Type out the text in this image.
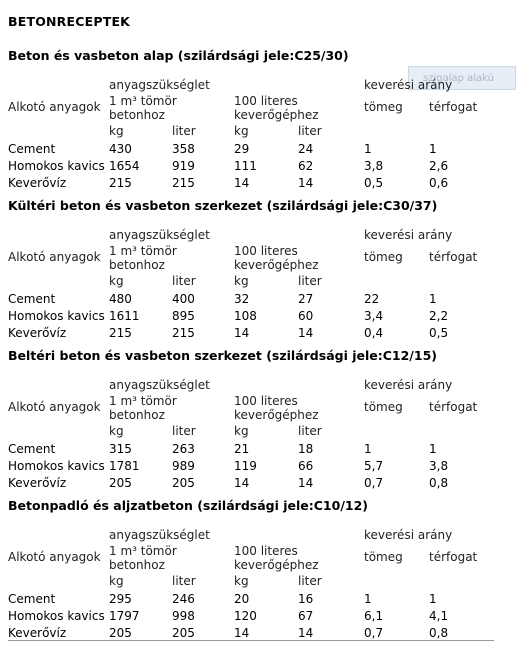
BETONRECEPTEK
szigalap alakú
Beton és vasbeton alap (szilárdsági jele:C25/30)
anyagszükséglet	keverési arány
1 m³ tömör
betonhoz
100 literes
keverőgéphez
Alkotó anyagok	tömeg térfogat
kg	liter	kg	liter
Cement	430	358	29	24	1	1
Homokos kavics 1654	919	111	62	3,8	2,6
Keverővíz	215	215	14	14	0,5	0,6
Kültéri beton és vasbeton szerkezet (szilárdsági jele:C30/37)
anyagszükséglet	keverési arány
1 m³ tömör
betonhoz
100 literes
keverőgéphez
Alkotó anyagok	tömeg térfogat
kg	liter	kg	liter
Cement	480	400	32	27	22	1
Homokos kavics 1611	895	108	60	3,4	2,2
Keverővíz	215	215	14	14	0,4	0,5
Beltéri beton és vasbeton szerkezet (szilárdsági jele:C12/15)
anyagszükséglet	keverési arány
1 m³ tömör
betonhoz
100 literes
keverőgéphez
Alkotó anyagok	tömeg térfogat
kg	liter	kg	liter
Cement	315	263	21	18	1	1
Homokos kavics 1781	989	119	66	5,7	3,8
Keverővíz	205	205	14	14	0,7	0,8
Betonpadló és aljzatbeton (szilárdsági jele:C10/12)
anyagszükséglet	keverési arány
1 m³ tömör
betonhoz
100 literes
keverőgéphez
Alkotó anyagok	tömeg térfogat
kg	liter	kg	liter
Cement	295	246	20	16	1	1
Homokos kavics 1797	998	120	67	6,1	4,1
Keverővíz	205	205	14	14	0,7	0,8
